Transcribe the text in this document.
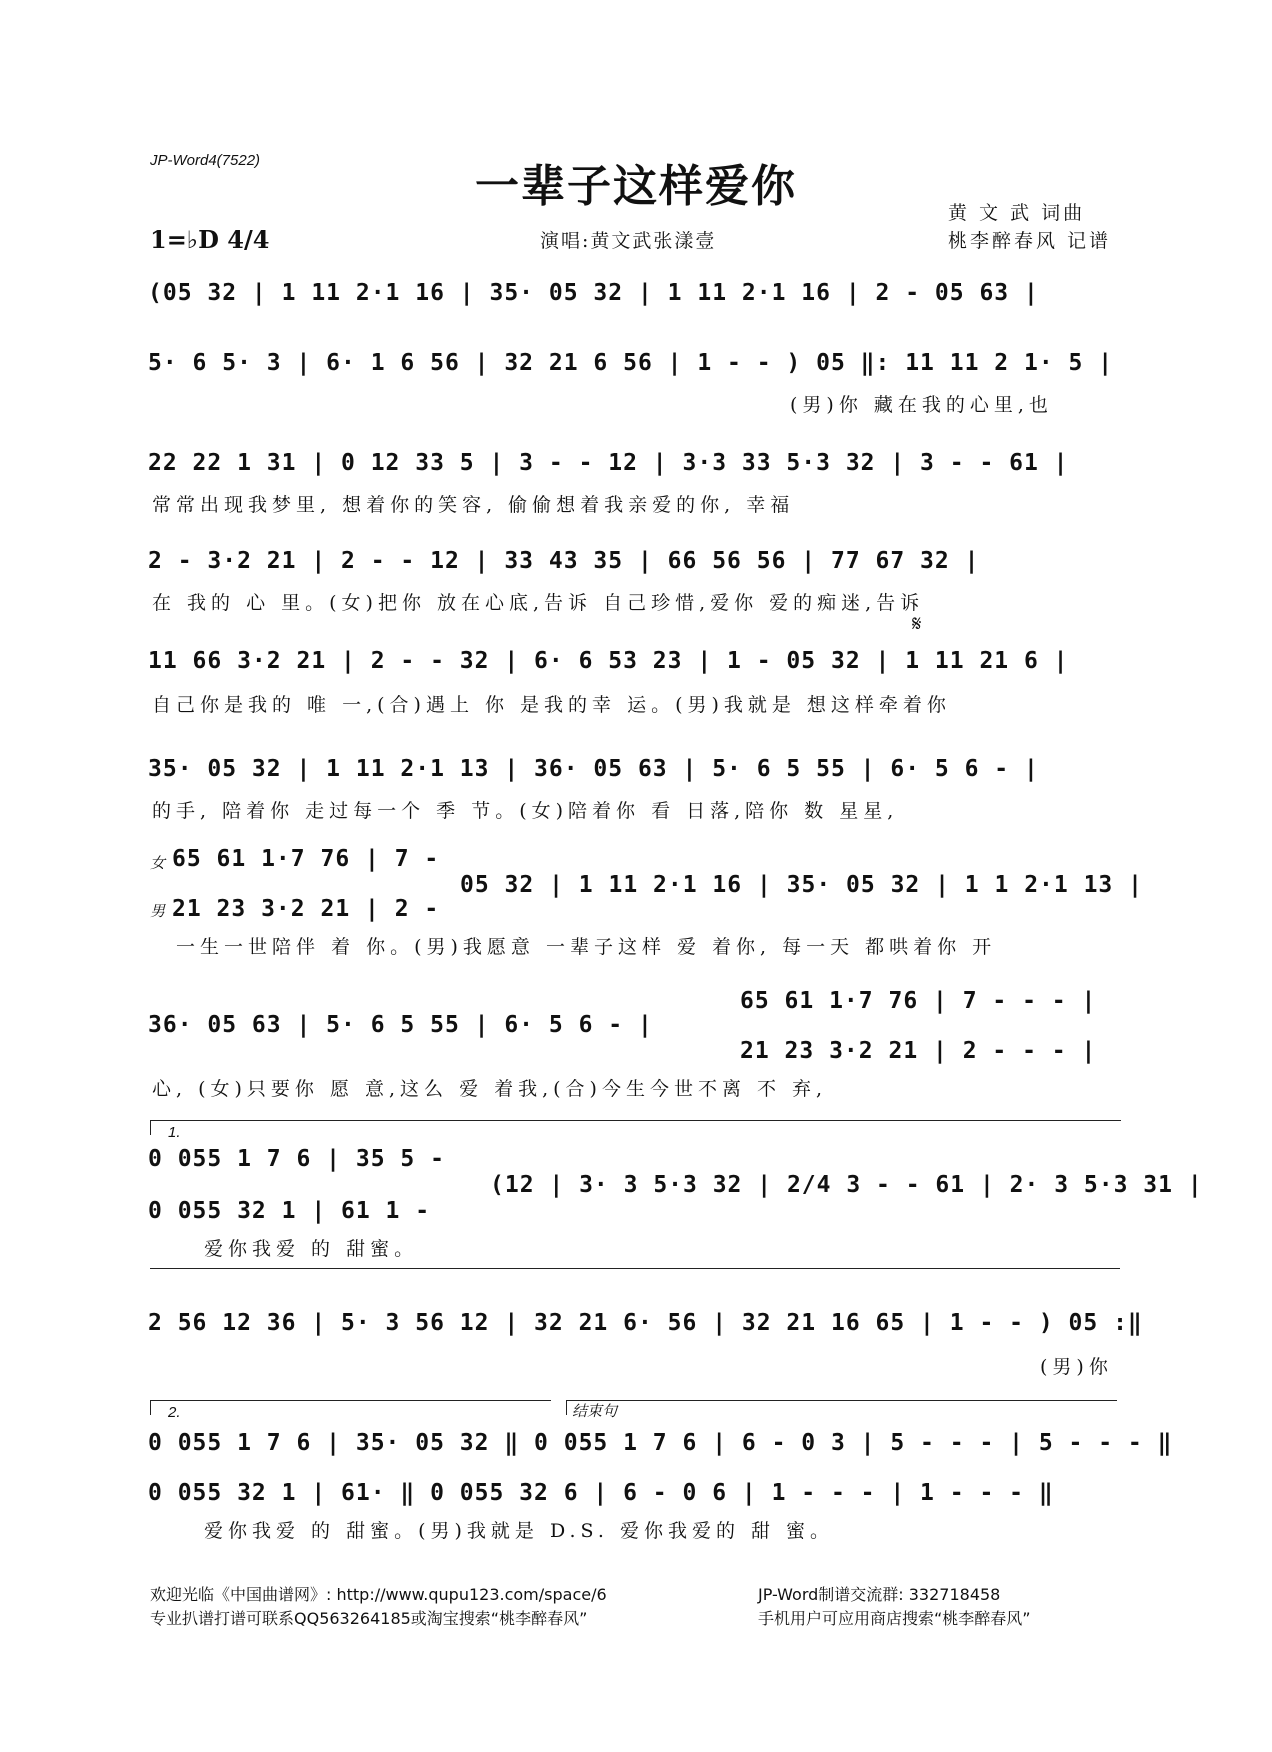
JP-Word4(7522)
一辈子这样爱你
1=♭D 4/4	演唱:黄文武张漾壹
黄 文 武 词曲
桃李醉春风 记谱
(05 32 | 1 11 2·1 16 | 35· 05 32 | 1 11 2·1 16 | 2 - 05 63 |
5· 6 5· 3 | 6· 1 6 56 | 32 21 6 56 | 1 - - ) 05 ‖: 11 11 2 1· 5 |
(男)你 藏在我的心里,也
22 22 1 31 | 0 12 33 5 | 3 - - 12 | 3·3 33 5·3 32 | 3 - - 61 |
常常出现我梦里, 想着你的笑容, 偷偷想着我亲爱的你, 幸福
2 - 3·2 21 | 2 - - 12 | 33 43 35 | 66 56 56 | 77 67 32 |
在 我的 心 里。(女)把你 放在心底,告诉 自己珍惜,爱你 爱的痴迷,告诉
𝄋
11 66 3·2 21 | 2 - - 32 | 6· 6 53 23 | 1 - 05 32 | 1 11 21 6 |
自己你是我的 唯 一,(合)遇上 你 是我的幸 运。(男)我就是 想这样牵着你
35· 05 32 | 1 11 2·1 13 | 36· 05 63 | 5· 6 5 55 | 6· 5 6 - |
的手, 陪着你 走过每一个 季 节。(女)陪着你 看 日落,陪你 数 星星,
女
男
65 61 1·7 76 | 7 -
21 23 3·2 21 | 2 -
05 32 | 1 11 2·1 16 | 35· 05 32 | 1 1 2·1 13 |
一生一世陪伴 着 你。(男)我愿意 一辈子这样 爱 着你, 每一天 都哄着你 开
36· 05 63 | 5· 6 5 55 | 6· 5 6 - |
65 61 1·7 76 | 7 - - - |
21 23 3·2 21 | 2 - - - |
心, (女)只要你 愿 意,这么 爱 着我,(合)今生今世不离 不 弃,
1.
0 055 1 7 6 | 35 5 -
0 055 32 1 | 61 1 -
(12 | 3· 3 5·3 32 | 2/4 3 - - 61 | 2· 3 5·3 31 |
爱你我爱 的 甜蜜。
2 56 12 36 | 5· 3 56 12 | 32 21 6· 56 | 32 21 16 65 | 1 - - ) 05 :‖
(男)你
2.	结束句
0 055 1 7 6 | 35· 05 32 ‖ 0 055 1 7 6 | 6 - 0 3 | 5 - - - | 5 - - - ‖
0 055 32 1 | 61· ‖ 0 055 32 6 | 6 - 0 6 | 1 - - - | 1 - - - ‖
爱你我爱 的 甜蜜。(男)我就是 D.S. 爱你我爱的 甜 蜜。
欢迎光临《中国曲谱网》: http://www.qupu123.com/space/6
专业扒谱打谱可联系QQ563264185或淘宝搜索“桃李醉春风”
JP-Word制谱交流群: 332718458
手机用户可应用商店搜索“桃李醉春风”
